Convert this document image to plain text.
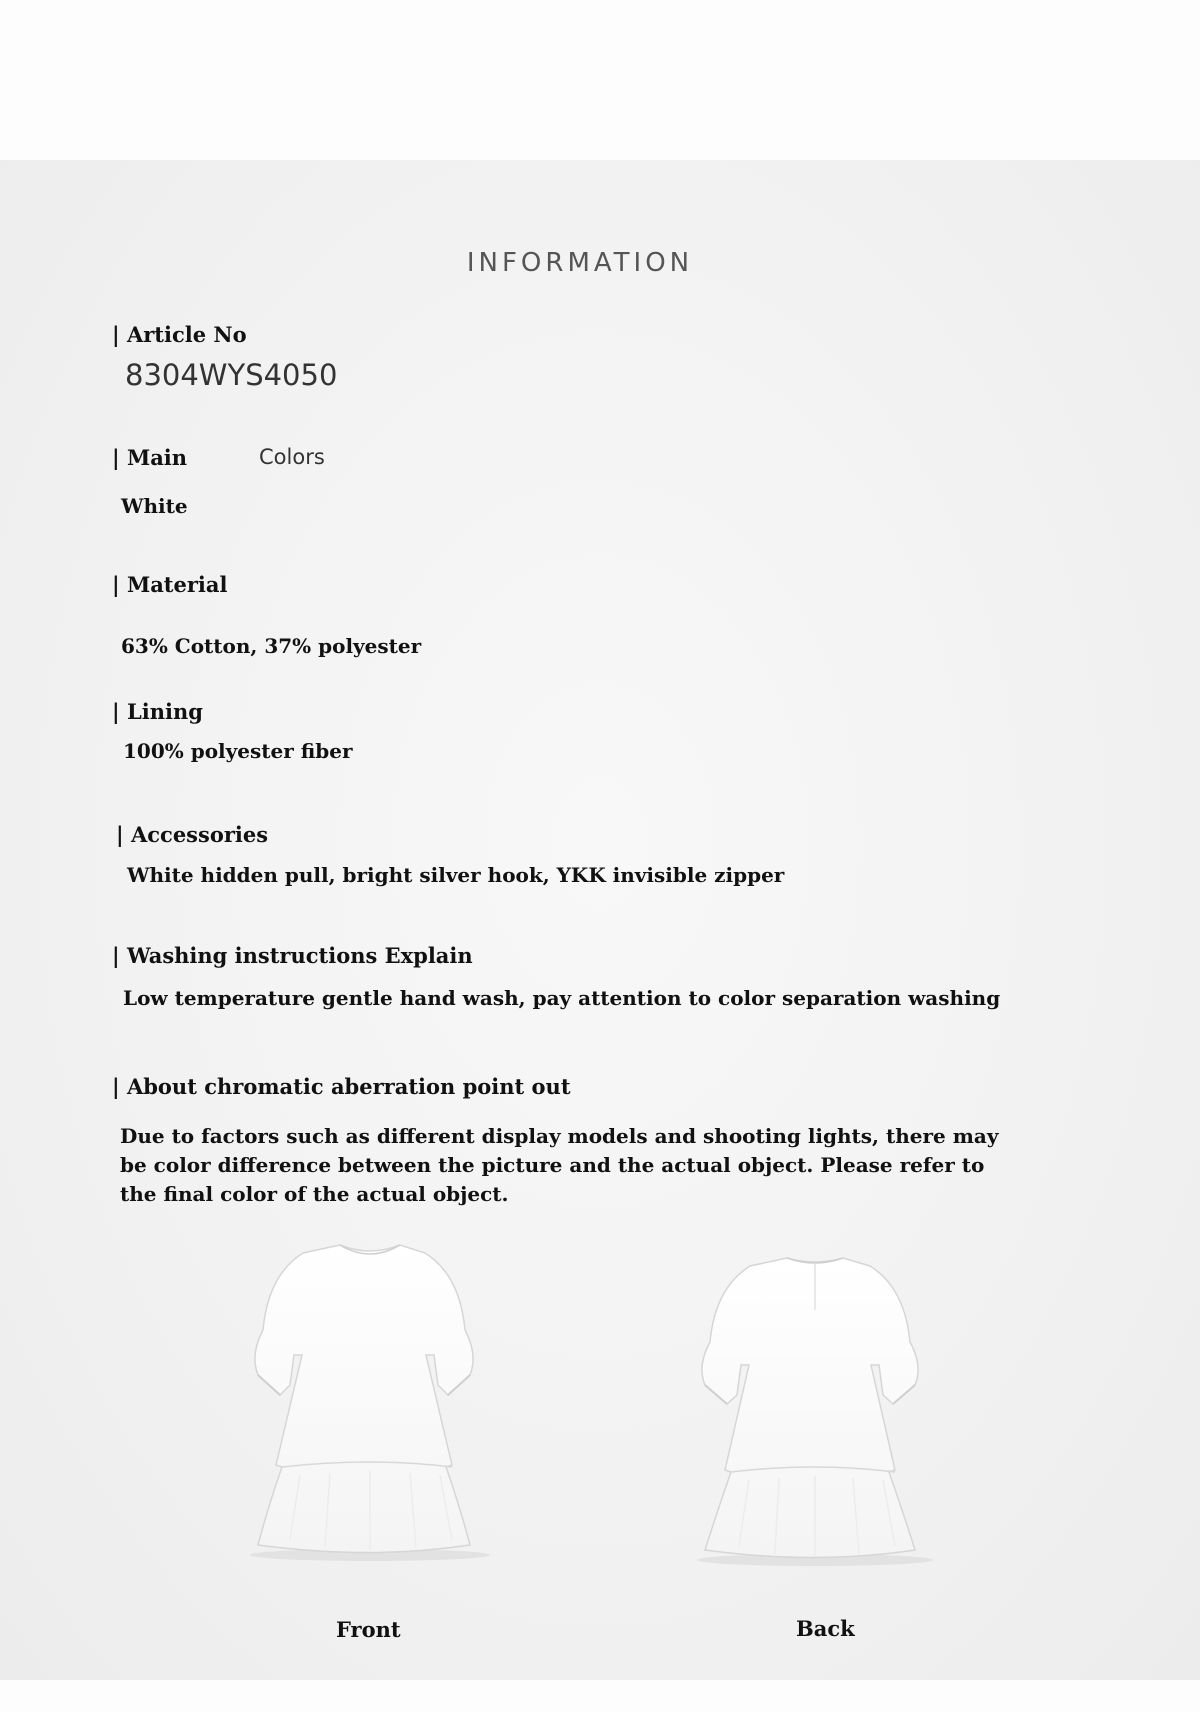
INFORMATION
| Article No
8304WYS4050
| Main	Colors
White
| Material
63% Cotton, 37% polyester
| Lining
100% polyester fiber
| Accessories
White hidden pull, bright silver hook, YKK invisible zipper
| Washing instructions Explain
Low temperature gentle hand wash, pay attention to color separation washing
| About chromatic aberration point out
Due to factors such as different display models and shooting lights, there may be color difference between the picture and the actual object. Please refer to the final color of the actual object.
Front	Back
